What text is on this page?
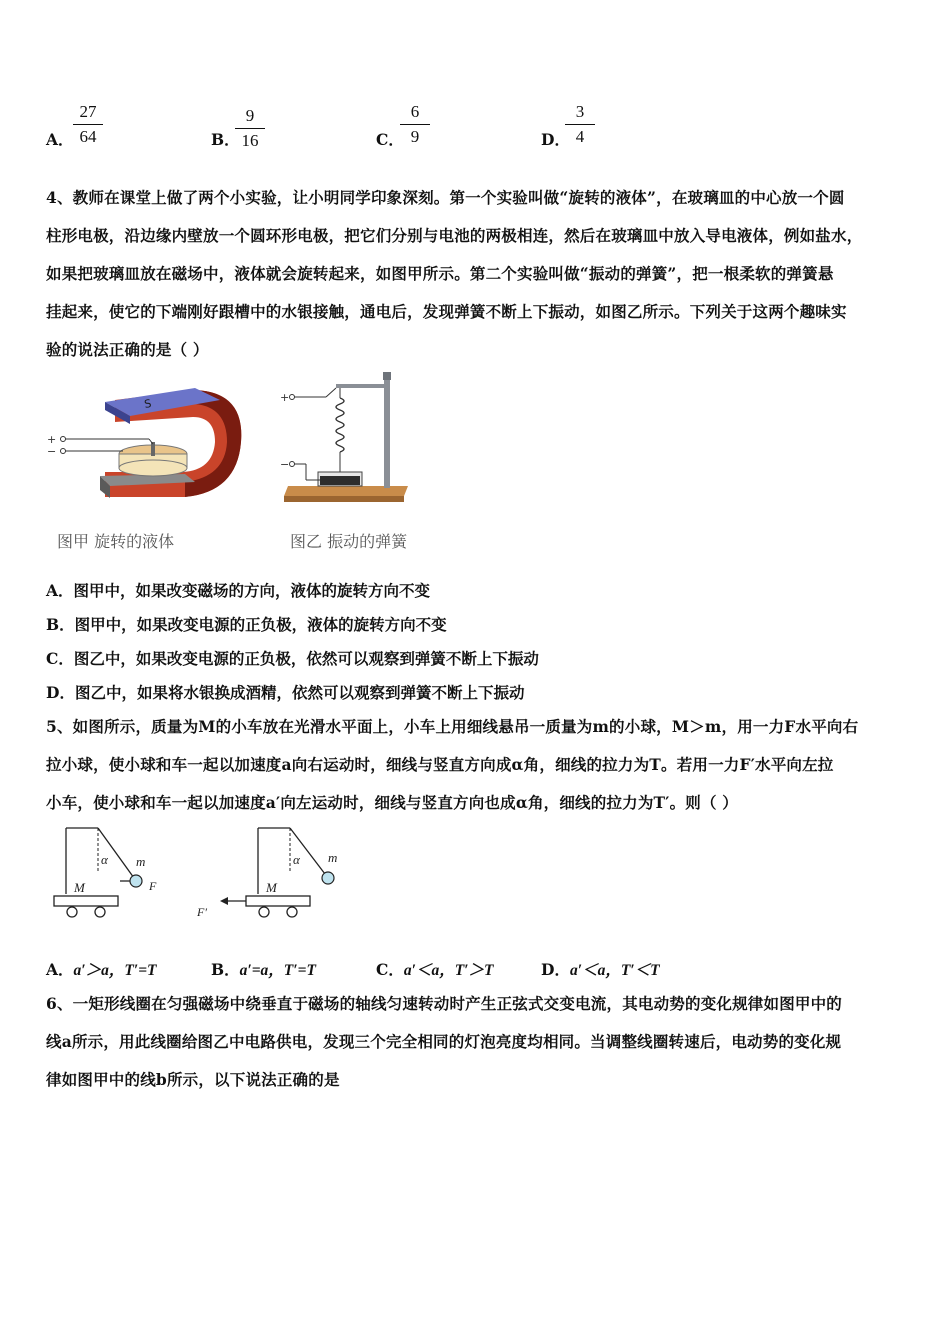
A．
27
64	B．
9
16	C．
6
9	D．
3
4
4、教师在课堂上做了两个小实验，让小明同学印象深刻。第一个实验叫做“旋转的液体”，在玻璃皿的中心放一个圆
柱形电极，沿边缘内壁放一个圆环形电极，把它们分别与电池的两极相连，然后在玻璃皿中放入导电液体，例如盐水，
如果把玻璃皿放在磁场中，液体就会旋转起来，如图甲所示。第二个实验叫做“振动的弹簧”，把一根柔软的弹簧悬
挂起来，使它的下端刚好跟槽中的水银接触，通电后，发现弹簧不断上下振动，如图乙所示。下列关于这两个趣味实
验的说法正确的是（ ）
S
+
−
+
−
图甲 旋转的液体	图乙 振动的弹簧
A．图甲中，如果改变磁场的方向，液体的旋转方向不变
B．图甲中，如果改变电源的正负极，液体的旋转方向不变
C．图乙中，如果改变电源的正负极，依然可以观察到弹簧不断上下振动
D．图乙中，如果将水银换成酒精，依然可以观察到弹簧不断上下振动
5、如图所示，质量为M的小车放在光滑水平面上，小车上用细线悬吊一质量为m的小球，M＞m，用一力F水平向右
拉小球，使小球和车一起以加速度a向右运动时，细线与竖直方向成α角，细线的拉力为T。若用一力F′水平向左拉
小车，使小球和车一起以加速度a′向左运动时，细线与竖直方向也成α角，细线的拉力为T′。则（ ）
α m
F
M
α m
M
F′
A．a′＞a，T′=T	B．a′=a，T′=T	C．a′＜a，T′＞T	D．a′＜a，T′＜T
6、一矩形线圈在匀强磁场中绕垂直于磁场的轴线匀速转动时产生正弦式交变电流，其电动势的变化规律如图甲中的
线a所示，用此线圈给图乙中电路供电，发现三个完全相同的灯泡亮度均相同。当调整线圈转速后，电动势的变化规
律如图甲中的线b所示，以下说法正确的是
